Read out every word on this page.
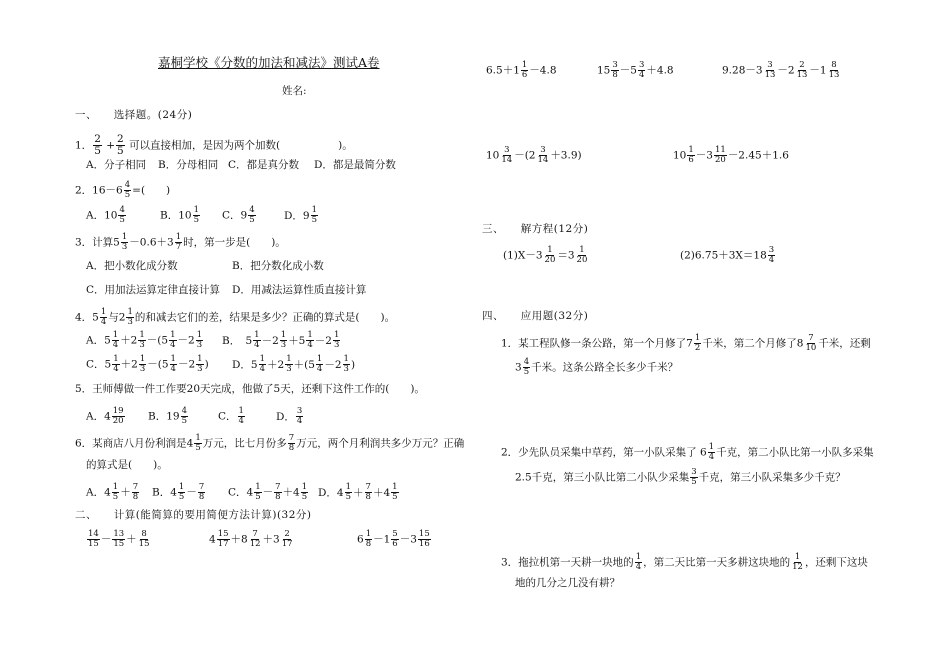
嘉桐学校《分数的加法和减法》测试A卷
姓名:
一、　　选择题。(24分)
1． $\frac{2}{5} + \frac{2}{5}$ 可以直接相加，是因为两个加数(	)。
A．分子相同 B．分母相同 C．都是真分数 D．都是最简分数
2．$16-6 \frac{4}{5}$ =(　　)
A．$10 \frac{4}{5}$	B．$10 \frac{1}{5}$ C．$9 \frac{4}{5}$	D．$9 \frac{1}{5}$
3．计算$5 \frac{1}{3} -0.6+3 \frac{1}{7}$ 时，第一步是(　　)。
A．把小数化成分数	B．把分数化成小数
C．用加法运算定律直接计算 D．用减法运算性质直接计算
4．$5 \frac{1}{4}$ 与$2 \frac{1}{3}$ 的和减去它们的差，结果是多少？正确的算式是(　　)。
A．$5 \frac{1}{4} +2 \frac{1}{3} -(5 \frac{1}{4} -2 \frac{1}{3}$ B．　$5 \frac{1}{4} -2 \frac{1}{3} +5 \frac{1}{4} -2 \frac{1}{3}$
C．$5 \frac{1}{4} +2 \frac{1}{3} -(5 \frac{1}{4} -2 \frac{1}{3}$ ) D．$5 \frac{1}{4} +2 \frac{1}{3} +(5 \frac{1}{4} -2 \frac{1}{3}$ )
5．王师傅做一件工作要20天完成，他做了5天，还剩下这件工作的(　　)。
A．$4 \frac{19}{20}$ B．$19 \frac{4}{5}$	C． $\frac{1}{4}$	D． $\frac{3}{4}$
6．某商店八月份利润是$4 \frac{1}{5}$ 万元，比七月份多 $\frac{7}{8}$ 万元，两个月利润共多少万元？正确
的算式是(　　)。
A．$4 \frac{1}{5} + \frac{7}{8}$ B．$4 \frac{1}{5} - \frac{7}{8}$ C．$4 \frac{1}{5} - \frac{7}{8} +4 \frac{1}{5}$ D．$4 \frac{1}{5} + \frac{7}{8} +4 \frac{1}{5}$
二、　　计算(能简算的要用简便方法计算)(32分)
$\frac{14}{15} - \frac{13}{15} + \frac{8}{15}$	$4 \frac{15}{17} +8 \frac{7}{12} +3 \frac{2}{17}$	$6 \frac{1}{8} -1 \frac{5}{6} -3 \frac{15}{16}$
$6.5+1 \frac{1}{6} -4.8$	$15 \frac{3}{8} -5 \frac{3}{4} +4.8$	$9.28-3 \frac{3}{13} -2 \frac{2}{13} -1 \frac{8}{13}$
$10 \frac{3}{14} -(2 \frac{3}{14} +3.9)$	$10 \frac{1}{6} -3 \frac{11}{20} -2.45+1.6$
三、　　解方程(12分)
$(1)X-3 \frac{1}{20} =3 \frac{1}{20}$	$(2)6.75+3X=18 \frac{3}{4}$
四、　　应用题(32分)
1．某工程队修一条公路，第一个月修了$7 \frac{1}{2}$ 千米，第二个月修了$8 \frac{7}{10}$ 千米，还剩
$3 \frac{4}{5}$ 千米。这条公路全长多少千米？
2．少先队员采集中草药，第一小队采集了 $6 \frac{1}{4}$ 千克，第二小队比第一小队多采集
2.5千克，第三小队比第二小队少采集 $\frac{3}{5}$ 千克，第三小队采集多少千克？
3．拖拉机第一天耕一块地的 $\frac{1}{4}$ ，第二天比第一天多耕这块地的 $\frac{1}{12}$ ，还剩下这块
地的几分之几没有耕？
